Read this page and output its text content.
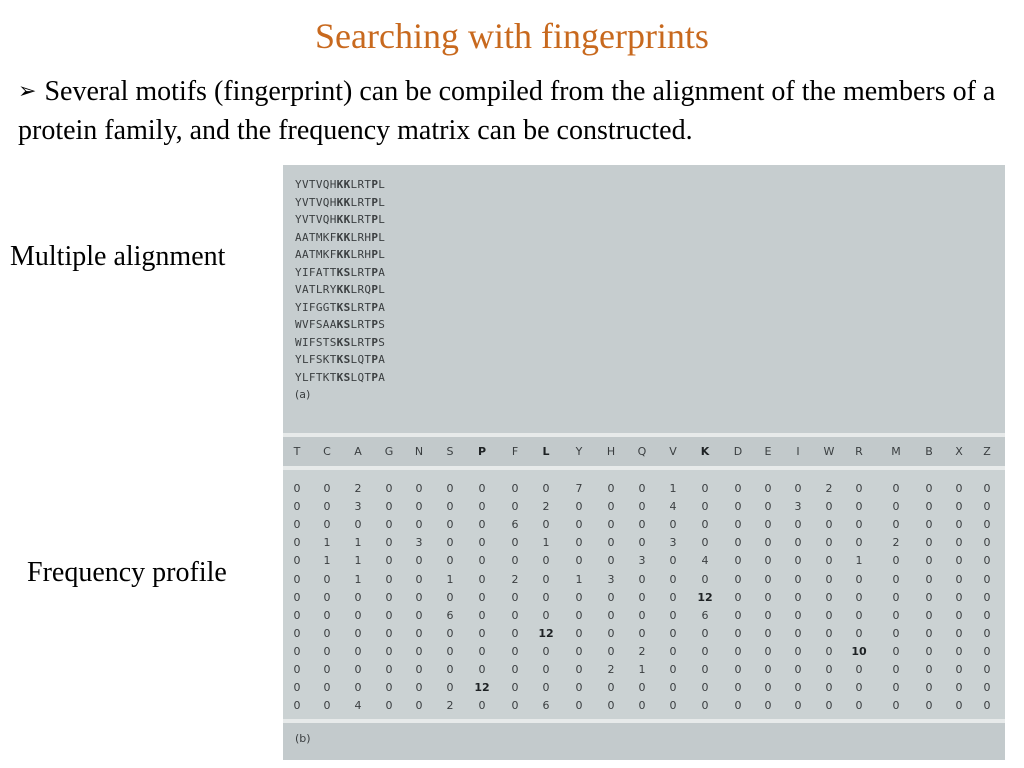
Searching with fingerprints
➢ Several motifs (fingerprint) can be compiled from the alignment of the members of a protein family, and the frequency matrix can be constructed.
Multiple alignment
Frequency profile
YVTVQHKKLRTPL
YVTVQHKKLRTPL
YVTVQHKKLRTPL
AATMKFKKLRHPL
AATMKFKKLRHPL
YIFATTKSLRTPA
VATLRYKKLRQPL
YIFGGTKSLRTPA
WVFSAAKSLRTPS
WIFSTSKSLRTPS
YLFSKTKSLQTPA
YLFTKTKSLQTPA
(a)
T	C	A	G	N	S	P	F	L	Y	H	Q	V	K	D	E	I	W	R	M	B	X	Z
0	0	2	0	0	0	0	0	0	7	0	0	1	0	0	0	0	2	0	0	0	0	0
0	0	3	0	0	0	0	0	2	0	0	0	4	0	0	0	3	0	0	0	0	0	0
0	0	0	0	0	0	0	6	0	0	0	0	0	0	0	0	0	0	0	0	0	0	0
0	1	1	0	3	0	0	0	1	0	0	0	3	0	0	0	0	0	0	2	0	0	0
0	1	1	0	0	0	0	0	0	0	0	3	0	4	0	0	0	0	1	0	0	0	0
0	0	1	0	0	1	0	2	0	1	3	0	0	0	0	0	0	0	0	0	0	0	0
0	0	0	0	0	0	0	0	0	0	0	0	0	12	0	0	0	0	0	0	0	0	0
0	0	0	0	0	6	0	0	0	0	0	0	0	6	0	0	0	0	0	0	0	0	0
0	0	0	0	0	0	0	0	12	0	0	0	0	0	0	0	0	0	0	0	0	0	0
0	0	0	0	0	0	0	0	0	0	0	2	0	0	0	0	0	0	10	0	0	0	0
0	0	0	0	0	0	0	0	0	0	2	1	0	0	0	0	0	0	0	0	0	0	0
0	0	0	0	0	0	12	0	0	0	0	0	0	0	0	0	0	0	0	0	0	0	0
0	0	4	0	0	2	0	0	6	0	0	0	0	0	0	0	0	0	0	0	0	0	0
(b)
